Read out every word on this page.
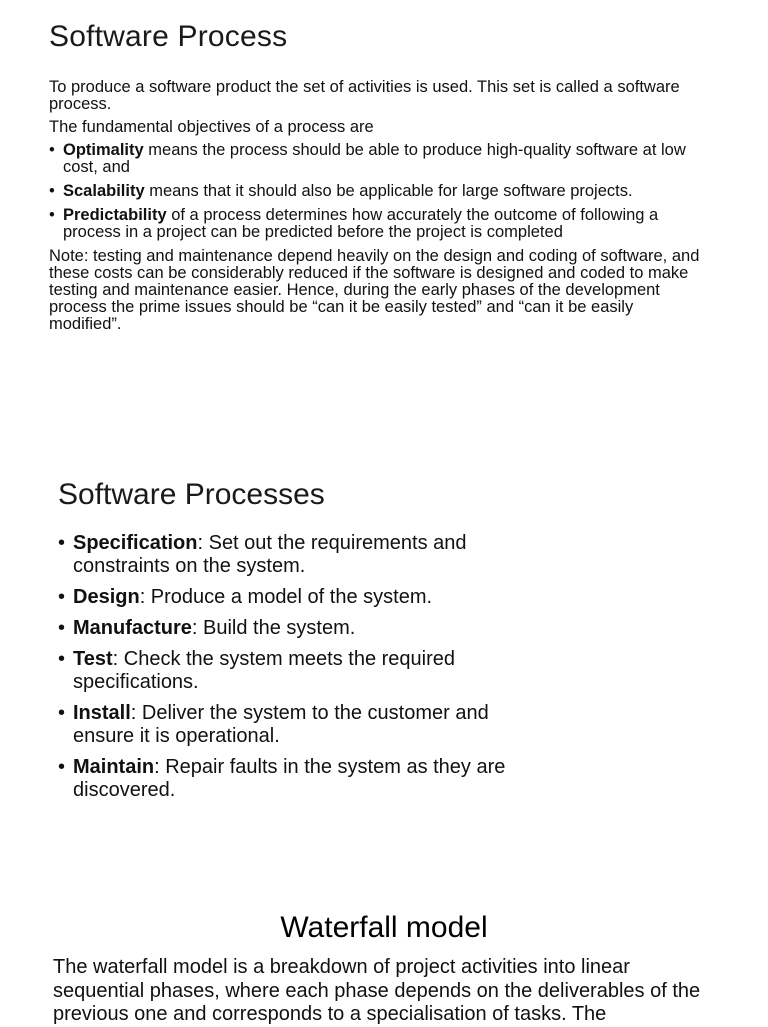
Software Process

To produce a software product the set of activities is used. This set is called a software process.

The fundamental objectives of a process are

• Optimality means the process should be able to produce high-quality software at low cost, and
• Scalability means that it should also be applicable for large software projects.
• Predictability of a process determines how accurately the outcome of following a process in a project can be predicted before the project is completed

Note: testing and maintenance depend heavily on the design and coding of software, and these costs can be considerably reduced if the software is designed and coded to make testing and maintenance easier. Hence, during the early phases of the development process the prime issues should be “can it be easily tested” and “can it be easily modified”.

Software Processes
• Specification: Set out the requirements and constraints on the system.
• Design: Produce a model of the system.
• Manufacture: Build the system.
• Test: Check the system meets the required specifications.
• Install: Deliver the system to the customer and ensure it is operational.
• Maintain: Repair faults in the system as they are discovered.
Waterfall model

The waterfall model is a breakdown of project activities into linear sequential phases, where each phase depends on the deliverables of the previous one and corresponds to a specialisation of tasks. The
